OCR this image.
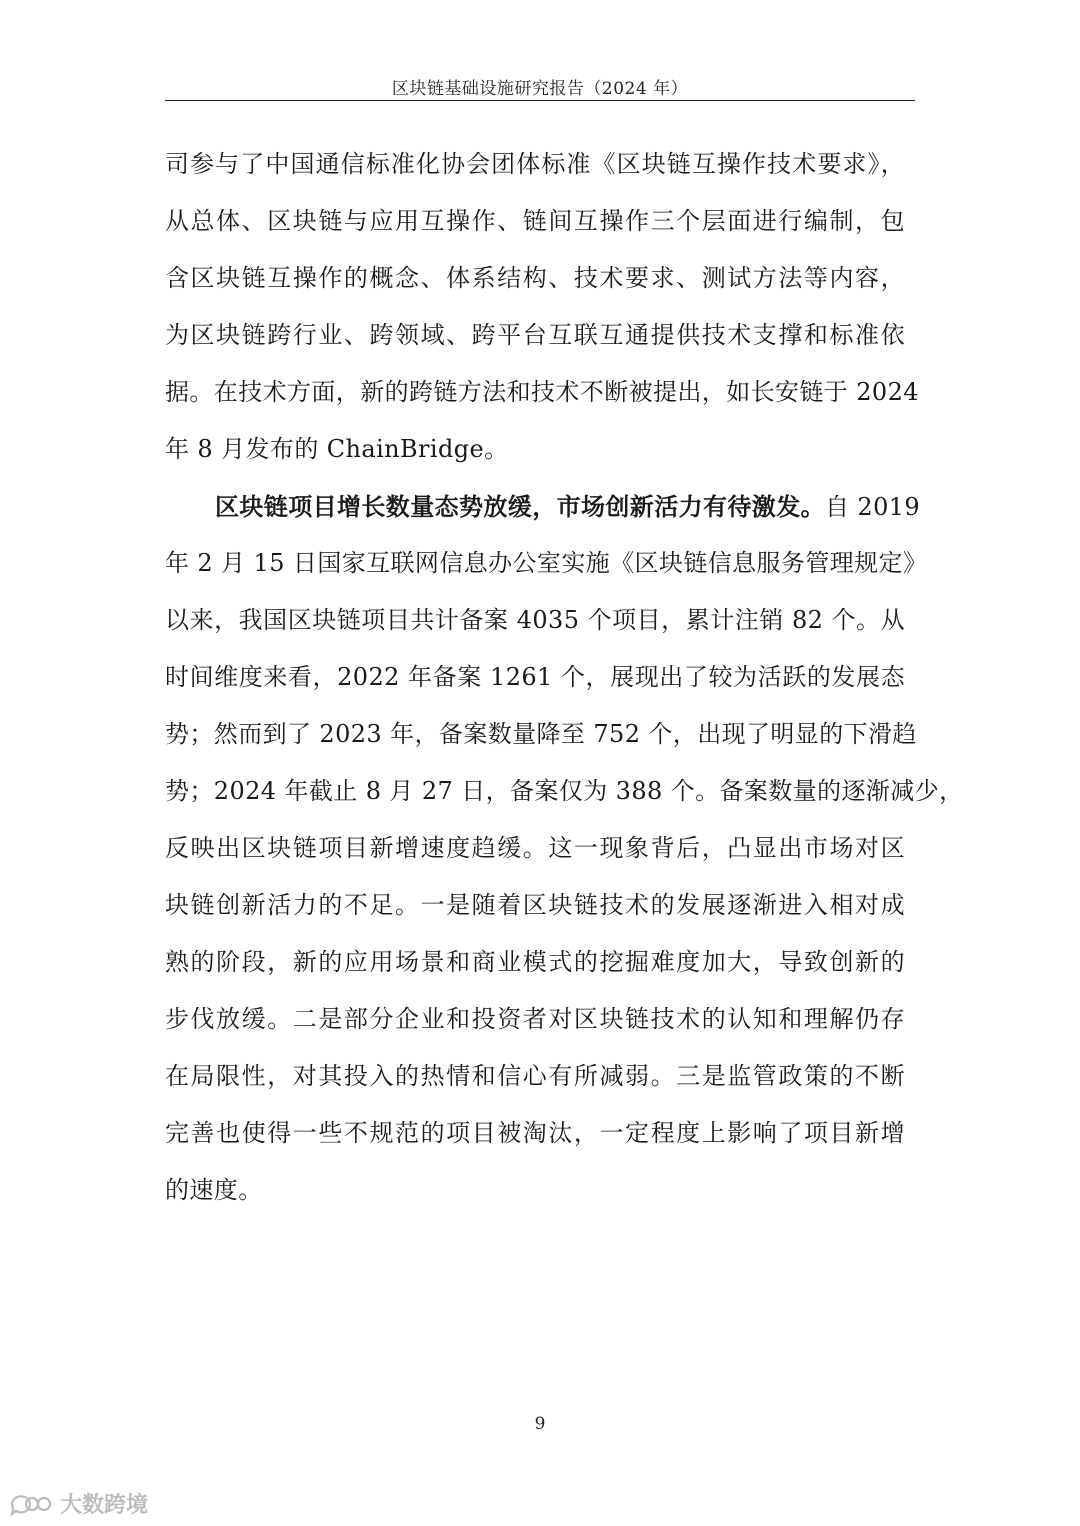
区块链基础设施研究报告（2024 年）
司参与了中国通信标准化协会团体标准《区块链互操作技术要求》，
从总体、区块链与应用互操作、链间互操作三个层面进行编制，包
含区块链互操作的概念、体系结构、技术要求、测试方法等内容，
为区块链跨行业、跨领域、跨平台互联互通提供技术支撑和标准依
据。在技术方面，新的跨链方法和技术不断被提出，如长安链于 2024
年 8 月发布的 ChainBridge。
区块链项目增长数量态势放缓，市场创新活力有待激发。自 2019
年 2 月 15 日国家互联网信息办公室实施《区块链信息服务管理规定》
以来，我国区块链项目共计备案 4035 个项目，累计注销 82 个。从
时间维度来看，2022 年备案 1261 个，展现出了较为活跃的发展态
势；然而到了 2023 年，备案数量降至 752 个，出现了明显的下滑趋
势；2024 年截止 8 月 27 日，备案仅为 388 个。备案数量的逐渐减少，
反映出区块链项目新增速度趋缓。这一现象背后，凸显出市场对区
块链创新活力的不足。一是随着区块链技术的发展逐渐进入相对成
熟的阶段，新的应用场景和商业模式的挖掘难度加大，导致创新的
步伐放缓。二是部分企业和投资者对区块链技术的认知和理解仍存
在局限性，对其投入的热情和信心有所减弱。三是监管政策的不断
完善也使得一些不规范的项目被淘汰，一定程度上影响了项目新增
的速度。
9
大数跨境
